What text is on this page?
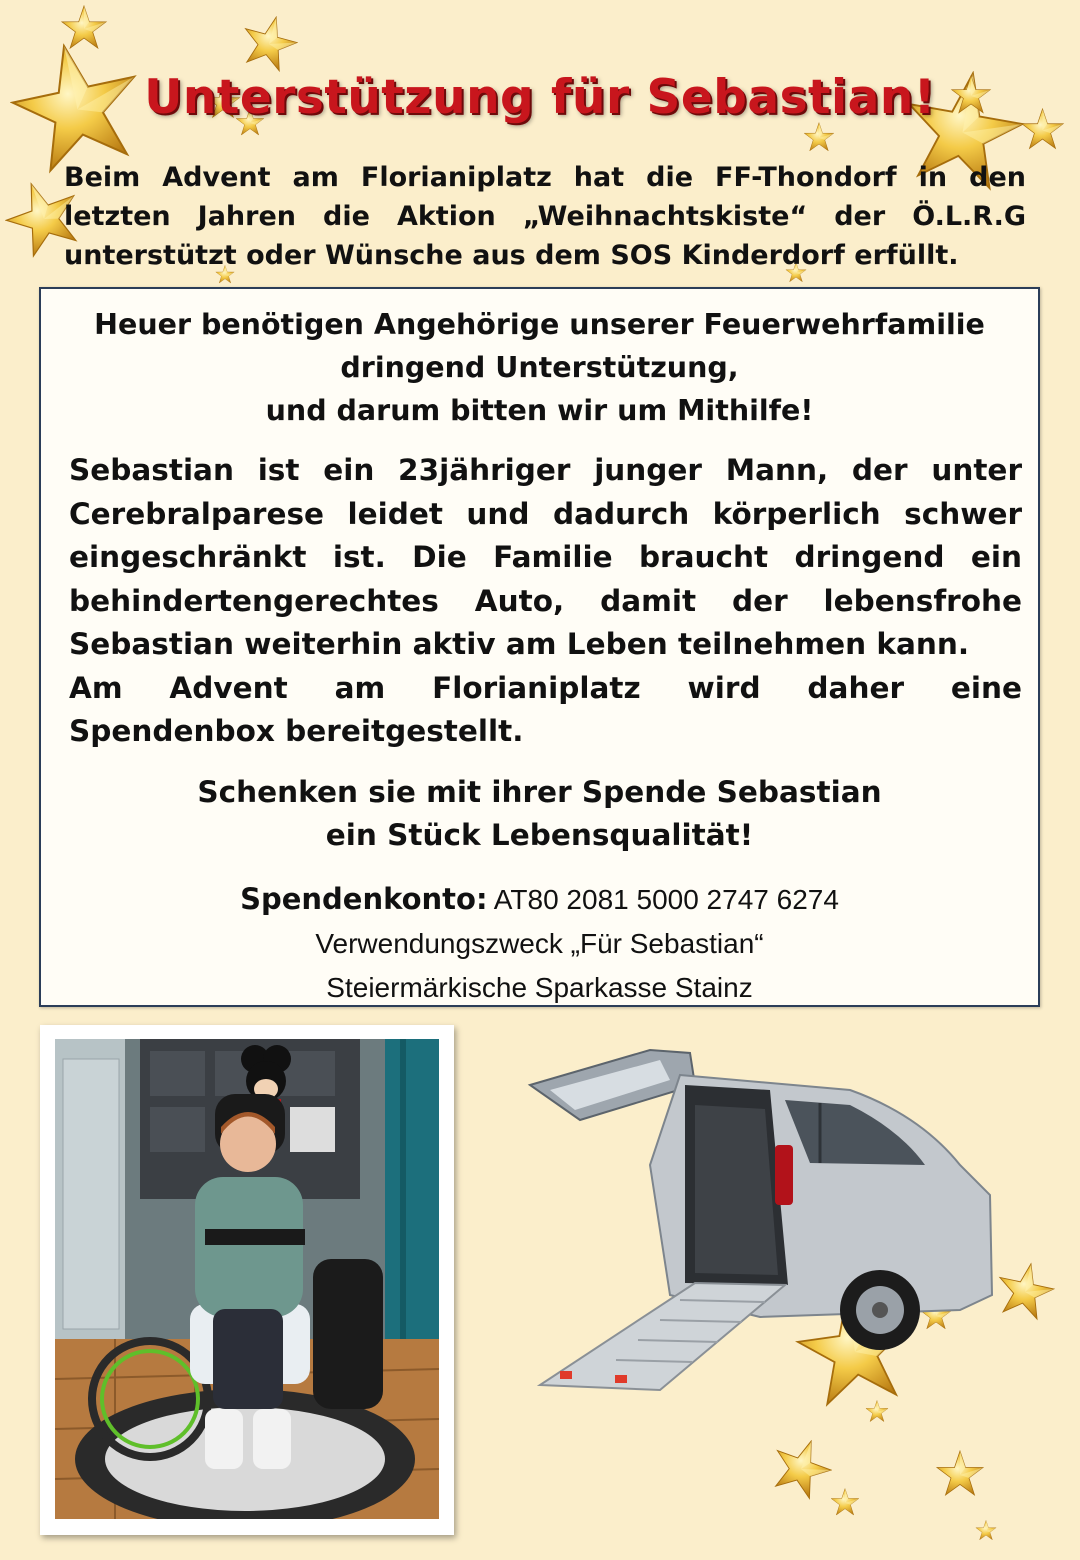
Unterstützung für Sebastian!

Beim Advent am Florianiplatz hat die FF-Thondorf in den letzten Jahren die Aktion „Weihnachtskiste“ der Ö.L.R.G unterstützt oder Wünsche aus dem SOS Kinderdorf erfüllt.

Heuer benötigen Angehörige unserer Feuerwehrfamilie
dringend Unterstützung,
und darum bitten wir um Mithilfe!
Sebastian ist ein 23jähriger junger Mann, der unter
Cerebralparese leidet und dadurch körperlich schwer
eingeschränkt ist. Die Familie braucht dringend ein
behindertengerechtes Auto, damit der lebensfrohe
Sebastian weiterhin aktiv am Leben teilnehmen kann.
Am Advent am Florianiplatz wird daher eine
Spendenbox bereitgestellt.
Schenken sie mit ihrer Spende Sebastian
ein Stück Lebensqualität!
Spendenkonto: AT80 2081 5000 2747 6274
Verwendungszweck „Für Sebastian“
Steiermärkische Sparkasse Stainz
